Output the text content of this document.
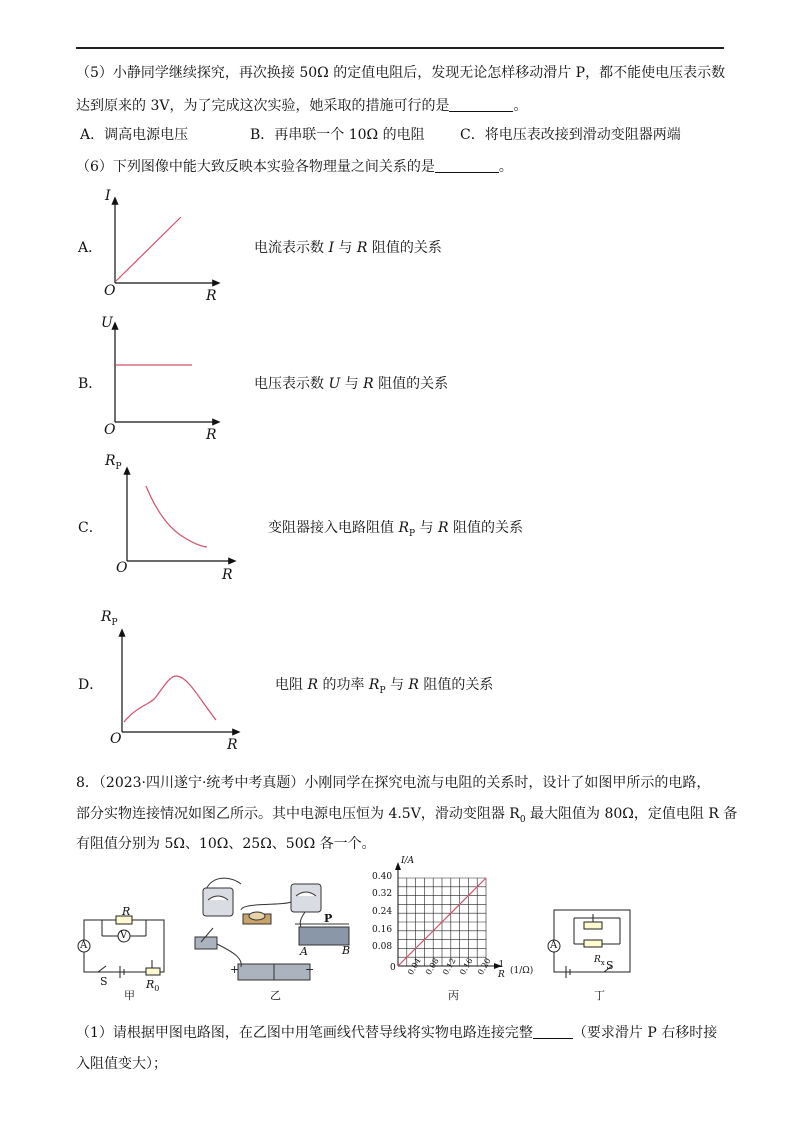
（5）小静同学继续探究，再次换接 50Ω 的定值电阻后，发现无论怎样移动滑片 P，都不能使电压表示数
达到原来的 3V，为了完成这次实验，她采取的措施可行的是	。
A．调高电源电压	B．再串联一个 10Ω 的电阻	C．将电压表改接到滑动变阻器两端
（6）下列图像中能大致反映本实验各物理量之间关系的是	。
I
O	R
A．	电流表示数 I 与 R 阻值的关系
U
O	R
B．	电压表示数 U 与 R 阻值的关系
$R_P$
O	R
C．	变阻器接入电路阻值 $R_P$ 与 R 阻值的关系
$R_P$
O	R
D．	电阻 R 的功率 $R_P$ 与 R 阻值的关系
8．（2023·四川遂宁·统考中考真题）小刚同学在探究电流与电阻的关系时，设计了如图甲所示的电路，
部分实物连接情况如图乙所示。其中电源电压恒为 4.5V，滑动变阻器 $R_0$ 最大阻值为 80Ω，定值电阻 R 备
有阻值分别为 5Ω、10Ω、25Ω、50Ω 各一个。
R
V
A
S	$R_0$
甲
P
A	B
+	−
乙
I/A
0.40
0.32
0.24
0.16
0.08
0 0.04 0.08 0.12 0.16 0.20 1
R (1/Ω)
丙
A
$R_x$ S
丁
（1）请根据甲图电路图，在乙图中用笔画线代替导线将实物电路连接完整	（要求滑片 P 右移时接
入阻值变大）；
